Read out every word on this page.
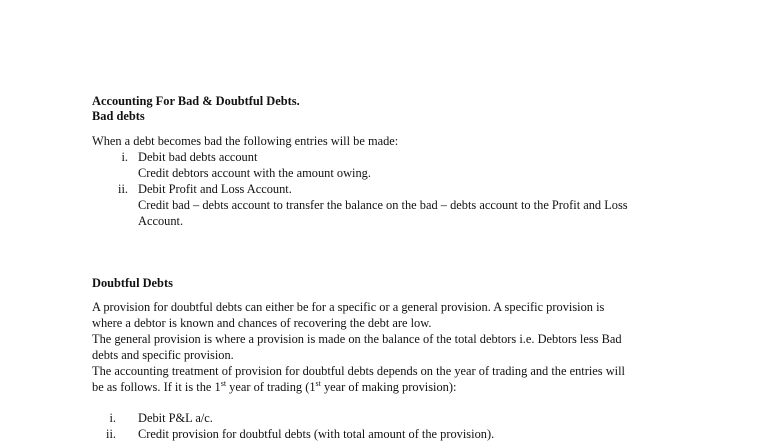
Accounting For Bad & Doubtful Debts.

Bad debts

When a debt becomes bad the following entries will be made:

i. Debit bad debts account
Credit debtors account with the amount owing.
ii. Debit Profit and Loss Account.
Credit bad – debts account to transfer the balance on the bad – debts account to the Profit and Loss
Account.

Doubtful Debts

A provision for doubtful debts can either be for a specific or a general provision. A specific provision is

where a debtor is known and chances of recovering the debt are low.

The general provision is where a provision is made on the balance of the total debtors i.e. Debtors less Bad

debts and specific provision.

The accounting treatment of provision for doubtful debts depends on the year of trading and the entries will

be as follows. If it is the 1st year of trading (1st year of making provision):

i. Debit P&L a/c.
ii. Credit provision for doubtful debts (with total amount of the provision).
